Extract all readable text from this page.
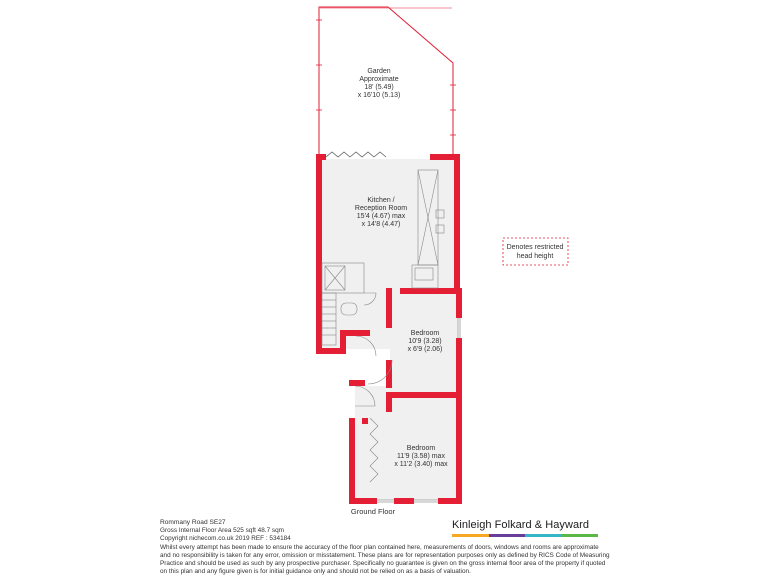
Denotes restricted
head height
Garden
Approximate
18' (5.49)
x 16'10 (5.13)
Kitchen /
Reception Room
15'4 (4.67) max
x 14'8 (4.47)
Bedroom
10'9 (3.28)
x 6'9 (2.06)
Bedroom
11'9 (3.58) max
x 11'2 (3.40) max
Ground Floor
Rommany Road SE27
Gross Internal Floor Area 525 sqft 48.7 sqm
Copyright nichecom.co.uk 2019 REF : 534184
Whilst every attempt has been made to ensure the accuracy of the floor plan contained here, measurements of doors, windows and rooms are approximate and no responsibility is taken for any error, omission or misstatement. These plans are for representation purposes only as defined by RICS Code of Measuring Practice and should be used as such by any prospective purchaser. Specifically no guarantee is given on the gross internal floor area of the property if quoted on this plan and any figure given is for initial guidance only and should not be relied on as a basis of valuation.
Kinleigh Folkard & Hayward
